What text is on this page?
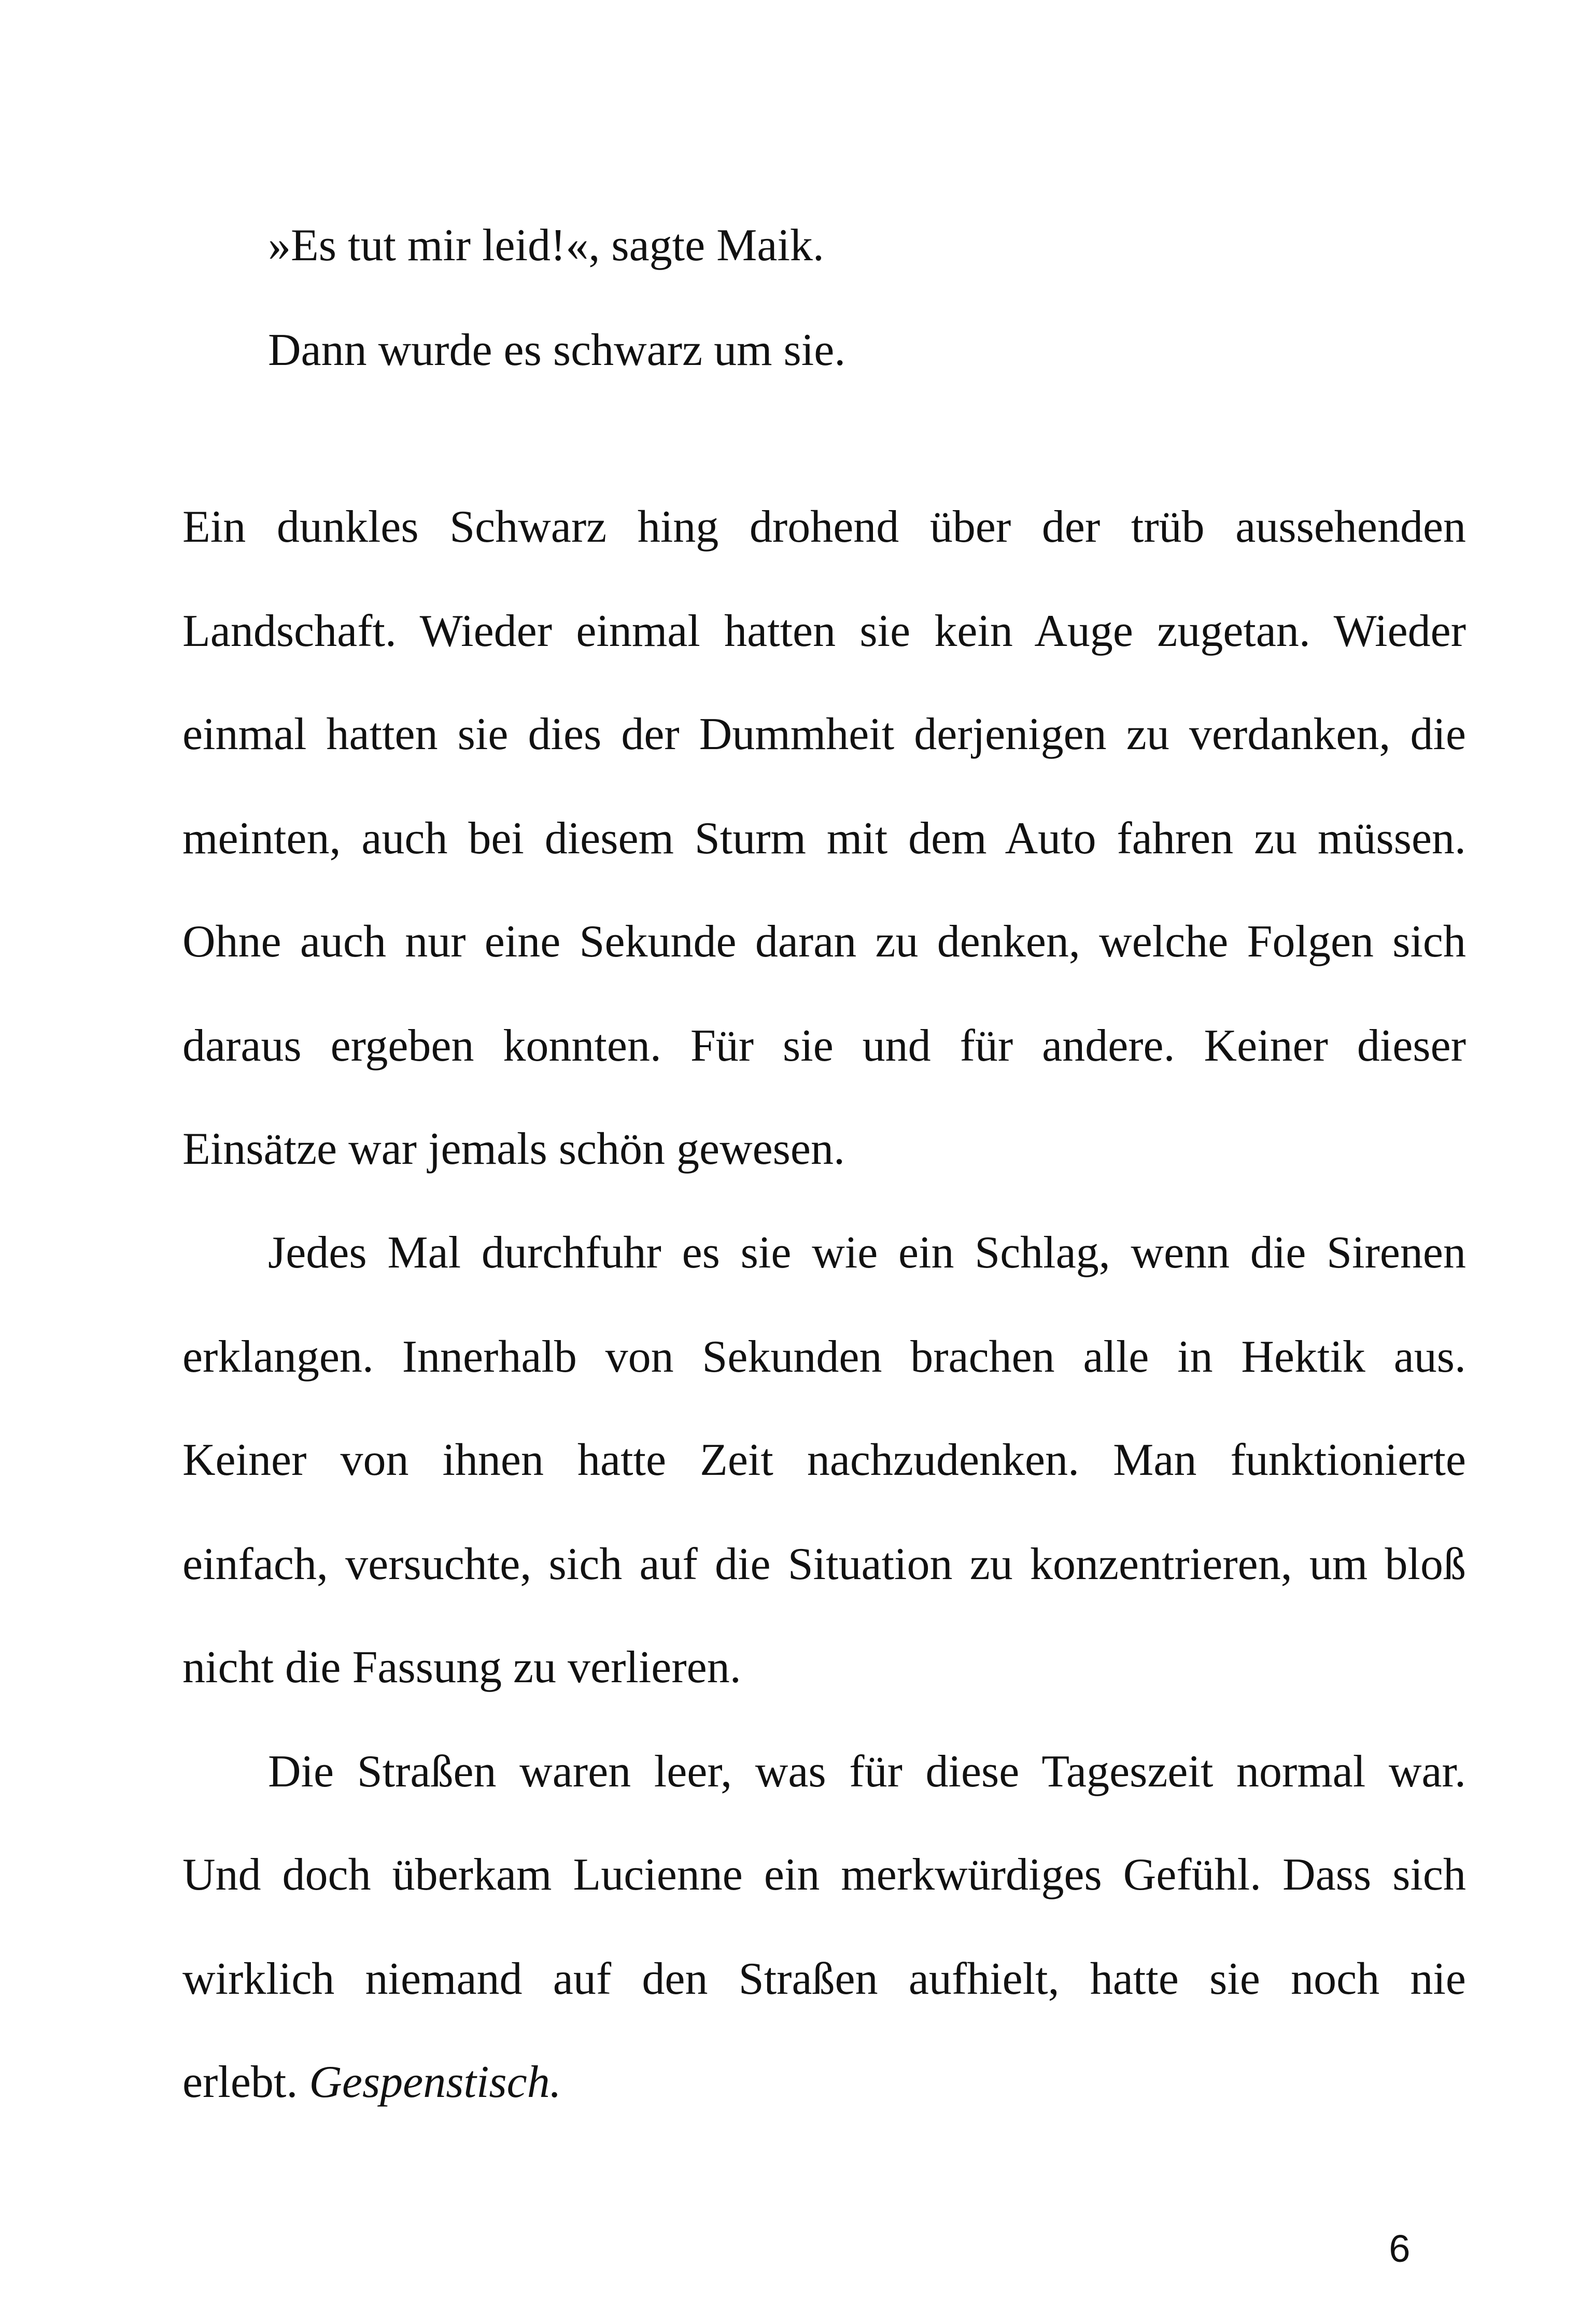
»Es tut mir leid!«, sagte Maik.
Dann wurde es schwarz um sie.
Ein dunkles Schwarz hing drohend über der trüb aussehenden
Landschaft. Wieder einmal hatten sie kein Auge zugetan. Wieder
einmal hatten sie dies der Dummheit derjenigen zu verdanken, die
meinten, auch bei diesem Sturm mit dem Auto fahren zu müssen.
Ohne auch nur eine Sekunde daran zu denken, welche Folgen sich
daraus ergeben konnten. Für sie und für andere. Keiner dieser
Einsätze war jemals schön gewesen.
Jedes Mal durchfuhr es sie wie ein Schlag, wenn die Sirenen
erklangen. Innerhalb von Sekunden brachen alle in Hektik aus.
Keiner von ihnen hatte Zeit nachzudenken. Man funktionierte
einfach, versuchte, sich auf die Situation zu konzentrieren, um bloß
nicht die Fassung zu verlieren.
Die Straßen waren leer, was für diese Tageszeit normal war.
Und doch überkam Lucienne ein merkwürdiges Gefühl. Dass sich
wirklich niemand auf den Straßen aufhielt, hatte sie noch nie
erlebt. Gespenstisch.
6
